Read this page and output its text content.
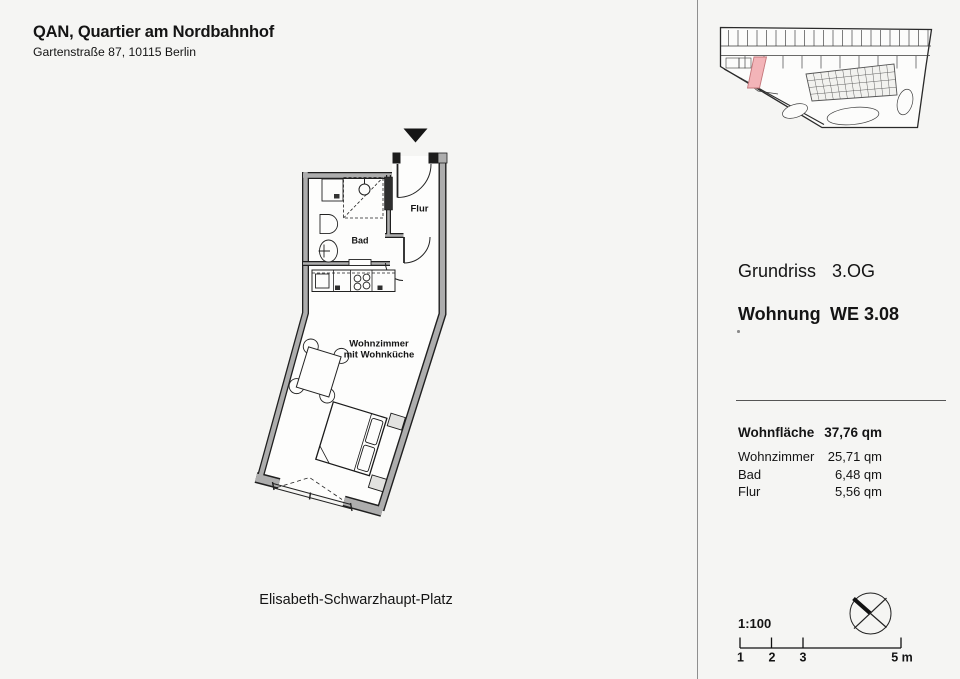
QAN, Quartier am Nordbahnhof
Gartenstraße 87, 10115 Berlin
Flur
Bad
Wohnzimmer
mit Wohnküche
Elisabeth-Schwarzhaupt-Platz
Grundriss 3.OG
Wohnung WE 3.08
Wohnfläche 37,76 qm
Wohnzimmer	25,71 qm
Bad	6,48 qm
Flur	5,56 qm
1:100
1 2 3	5 m
